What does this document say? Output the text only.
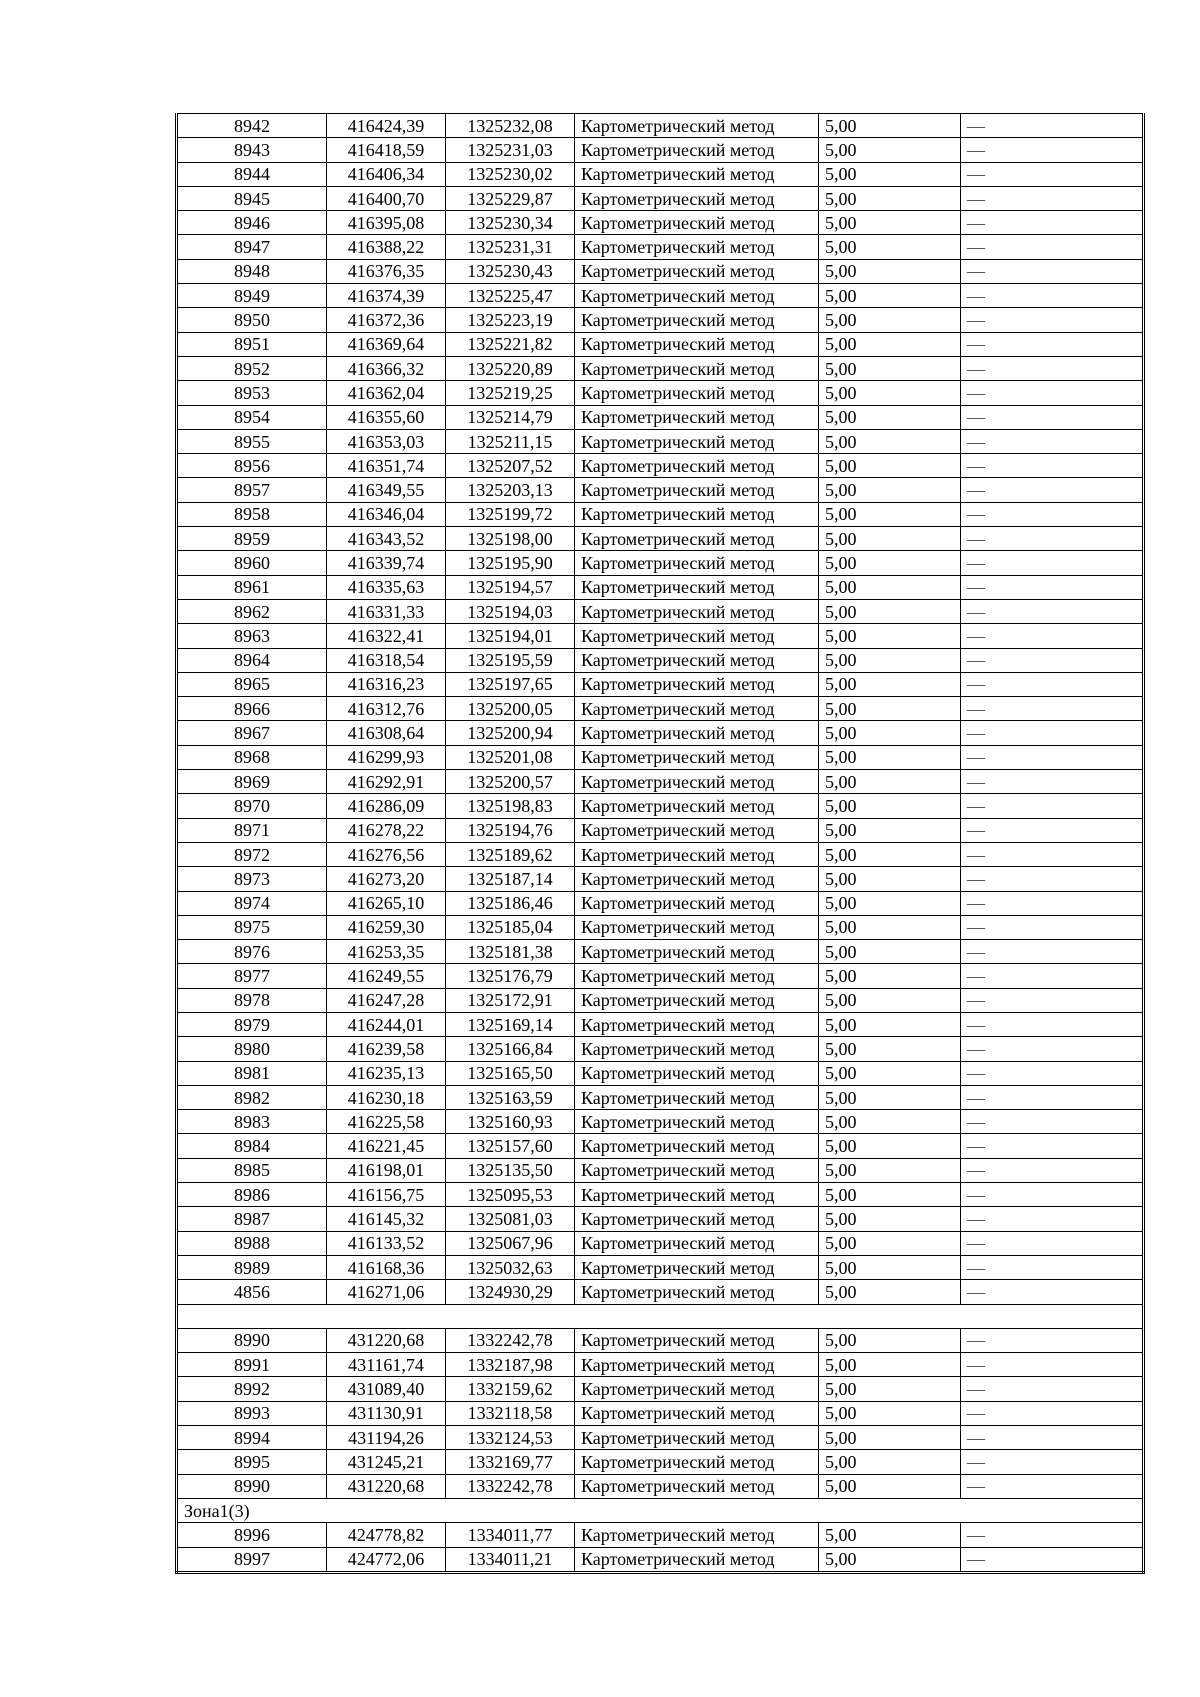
8942	416424,39	1325232,08	Картометрический метод	5,00	—
8943	416418,59	1325231,03	Картометрический метод	5,00	—
8944	416406,34	1325230,02	Картометрический метод	5,00	—
8945	416400,70	1325229,87	Картометрический метод	5,00	—
8946	416395,08	1325230,34	Картометрический метод	5,00	—
8947	416388,22	1325231,31	Картометрический метод	5,00	—
8948	416376,35	1325230,43	Картометрический метод	5,00	—
8949	416374,39	1325225,47	Картометрический метод	5,00	—
8950	416372,36	1325223,19	Картометрический метод	5,00	—
8951	416369,64	1325221,82	Картометрический метод	5,00	—
8952	416366,32	1325220,89	Картометрический метод	5,00	—
8953	416362,04	1325219,25	Картометрический метод	5,00	—
8954	416355,60	1325214,79	Картометрический метод	5,00	—
8955	416353,03	1325211,15	Картометрический метод	5,00	—
8956	416351,74	1325207,52	Картометрический метод	5,00	—
8957	416349,55	1325203,13	Картометрический метод	5,00	—
8958	416346,04	1325199,72	Картометрический метод	5,00	—
8959	416343,52	1325198,00	Картометрический метод	5,00	—
8960	416339,74	1325195,90	Картометрический метод	5,00	—
8961	416335,63	1325194,57	Картометрический метод	5,00	—
8962	416331,33	1325194,03	Картометрический метод	5,00	—
8963	416322,41	1325194,01	Картометрический метод	5,00	—
8964	416318,54	1325195,59	Картометрический метод	5,00	—
8965	416316,23	1325197,65	Картометрический метод	5,00	—
8966	416312,76	1325200,05	Картометрический метод	5,00	—
8967	416308,64	1325200,94	Картометрический метод	5,00	—
8968	416299,93	1325201,08	Картометрический метод	5,00	—
8969	416292,91	1325200,57	Картометрический метод	5,00	—
8970	416286,09	1325198,83	Картометрический метод	5,00	—
8971	416278,22	1325194,76	Картометрический метод	5,00	—
8972	416276,56	1325189,62	Картометрический метод	5,00	—
8973	416273,20	1325187,14	Картометрический метод	5,00	—
8974	416265,10	1325186,46	Картометрический метод	5,00	—
8975	416259,30	1325185,04	Картометрический метод	5,00	—
8976	416253,35	1325181,38	Картометрический метод	5,00	—
8977	416249,55	1325176,79	Картометрический метод	5,00	—
8978	416247,28	1325172,91	Картометрический метод	5,00	—
8979	416244,01	1325169,14	Картометрический метод	5,00	—
8980	416239,58	1325166,84	Картометрический метод	5,00	—
8981	416235,13	1325165,50	Картометрический метод	5,00	—
8982	416230,18	1325163,59	Картометрический метод	5,00	—
8983	416225,58	1325160,93	Картометрический метод	5,00	—
8984	416221,45	1325157,60	Картометрический метод	5,00	—
8985	416198,01	1325135,50	Картометрический метод	5,00	—
8986	416156,75	1325095,53	Картометрический метод	5,00	—
8987	416145,32	1325081,03	Картометрический метод	5,00	—
8988	416133,52	1325067,96	Картометрический метод	5,00	—
8989	416168,36	1325032,63	Картометрический метод	5,00	—
4856	416271,06	1324930,29	Картометрический метод	5,00	—

8990	431220,68	1332242,78	Картометрический метод	5,00	—
8991	431161,74	1332187,98	Картометрический метод	5,00	—
8992	431089,40	1332159,62	Картометрический метод	5,00	—
8993	431130,91	1332118,58	Картометрический метод	5,00	—
8994	431194,26	1332124,53	Картометрический метод	5,00	—
8995	431245,21	1332169,77	Картометрический метод	5,00	—
8990	431220,68	1332242,78	Картометрический метод	5,00	—
Зона1(3)					
8996	424778,82	1334011,77	Картометрический метод	5,00	—
8997	424772,06	1334011,21	Картометрический метод	5,00	—
